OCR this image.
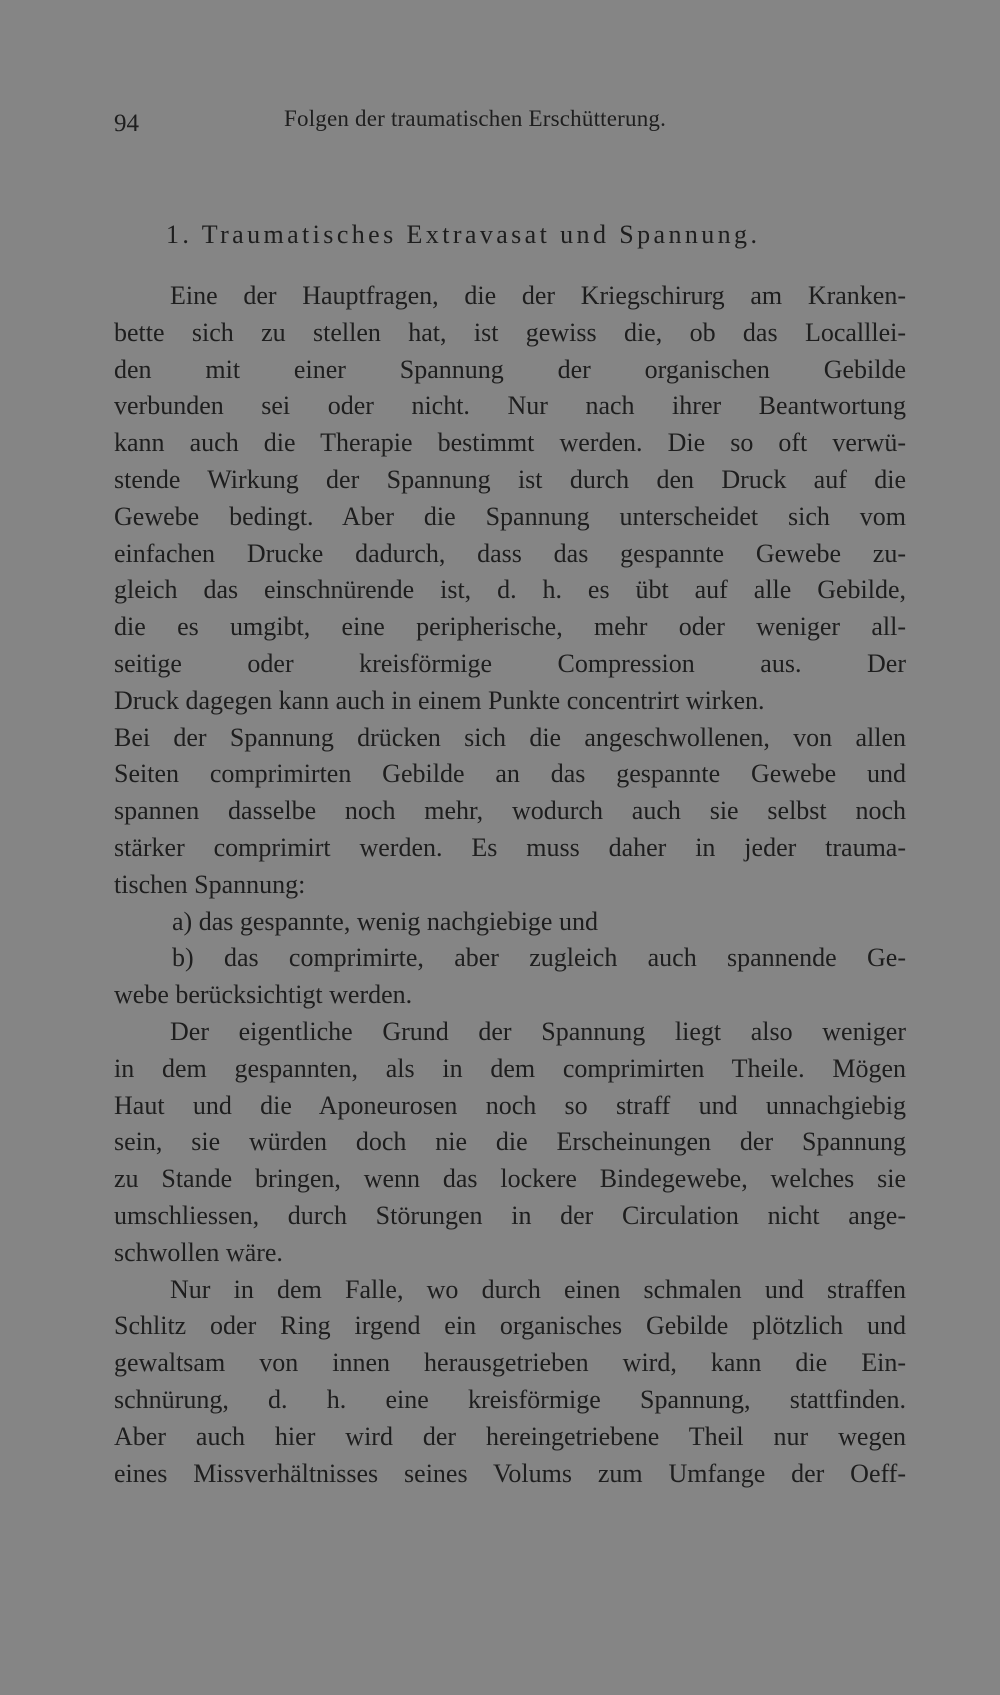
94	Folgen der traumatischen Erschütterung.
1. Traumatisches Extravasat und Spannung.
Eine der Hauptfragen, die der Kriegschirurg am Kranken-
bette sich zu stellen hat, ist gewiss die, ob das Localllei-
den mit einer Spannung der organischen Gebilde
verbunden sei oder nicht. Nur nach ihrer Beantwortung
kann auch die Therapie bestimmt werden. Die so oft verwü-
stende Wirkung der Spannung ist durch den Druck auf die
Gewebe bedingt. Aber die Spannung unterscheidet sich vom
einfachen Drucke dadurch, dass das gespannte Gewebe zu-
gleich das einschnürende ist, d. h. es übt auf alle Gebilde,
die es umgibt, eine peripherische, mehr oder weniger all-
seitige oder kreisförmige Compression aus. Der
Druck dagegen kann auch in einem Punkte concentrirt wirken.
Bei der Spannung drücken sich die angeschwollenen, von allen
Seiten comprimirten Gebilde an das gespannte Gewebe und
spannen dasselbe noch mehr, wodurch auch sie selbst noch
stärker comprimirt werden. Es muss daher in jeder trauma-
tischen Spannung:
a) das gespannte, wenig nachgiebige und
b) das comprimirte, aber zugleich auch spannende Ge-
webe berücksichtigt werden.
Der eigentliche Grund der Spannung liegt also weniger
in dem gespannten, als in dem comprimirten Theile. Mögen
Haut und die Aponeurosen noch so straff und unnachgiebig
sein, sie würden doch nie die Erscheinungen der Spannung
zu Stande bringen, wenn das lockere Bindegewebe, welches sie
umschliessen, durch Störungen in der Circulation nicht ange-
schwollen wäre.
Nur in dem Falle, wo durch einen schmalen und straffen
Schlitz oder Ring irgend ein organisches Gebilde plötzlich und
gewaltsam von innen herausgetrieben wird, kann die Ein-
schnürung, d. h. eine kreisförmige Spannung, stattfinden.
Aber auch hier wird der hereingetriebene Theil nur wegen
eines Missverhältnisses seines Volums zum Umfange der Oeff-
